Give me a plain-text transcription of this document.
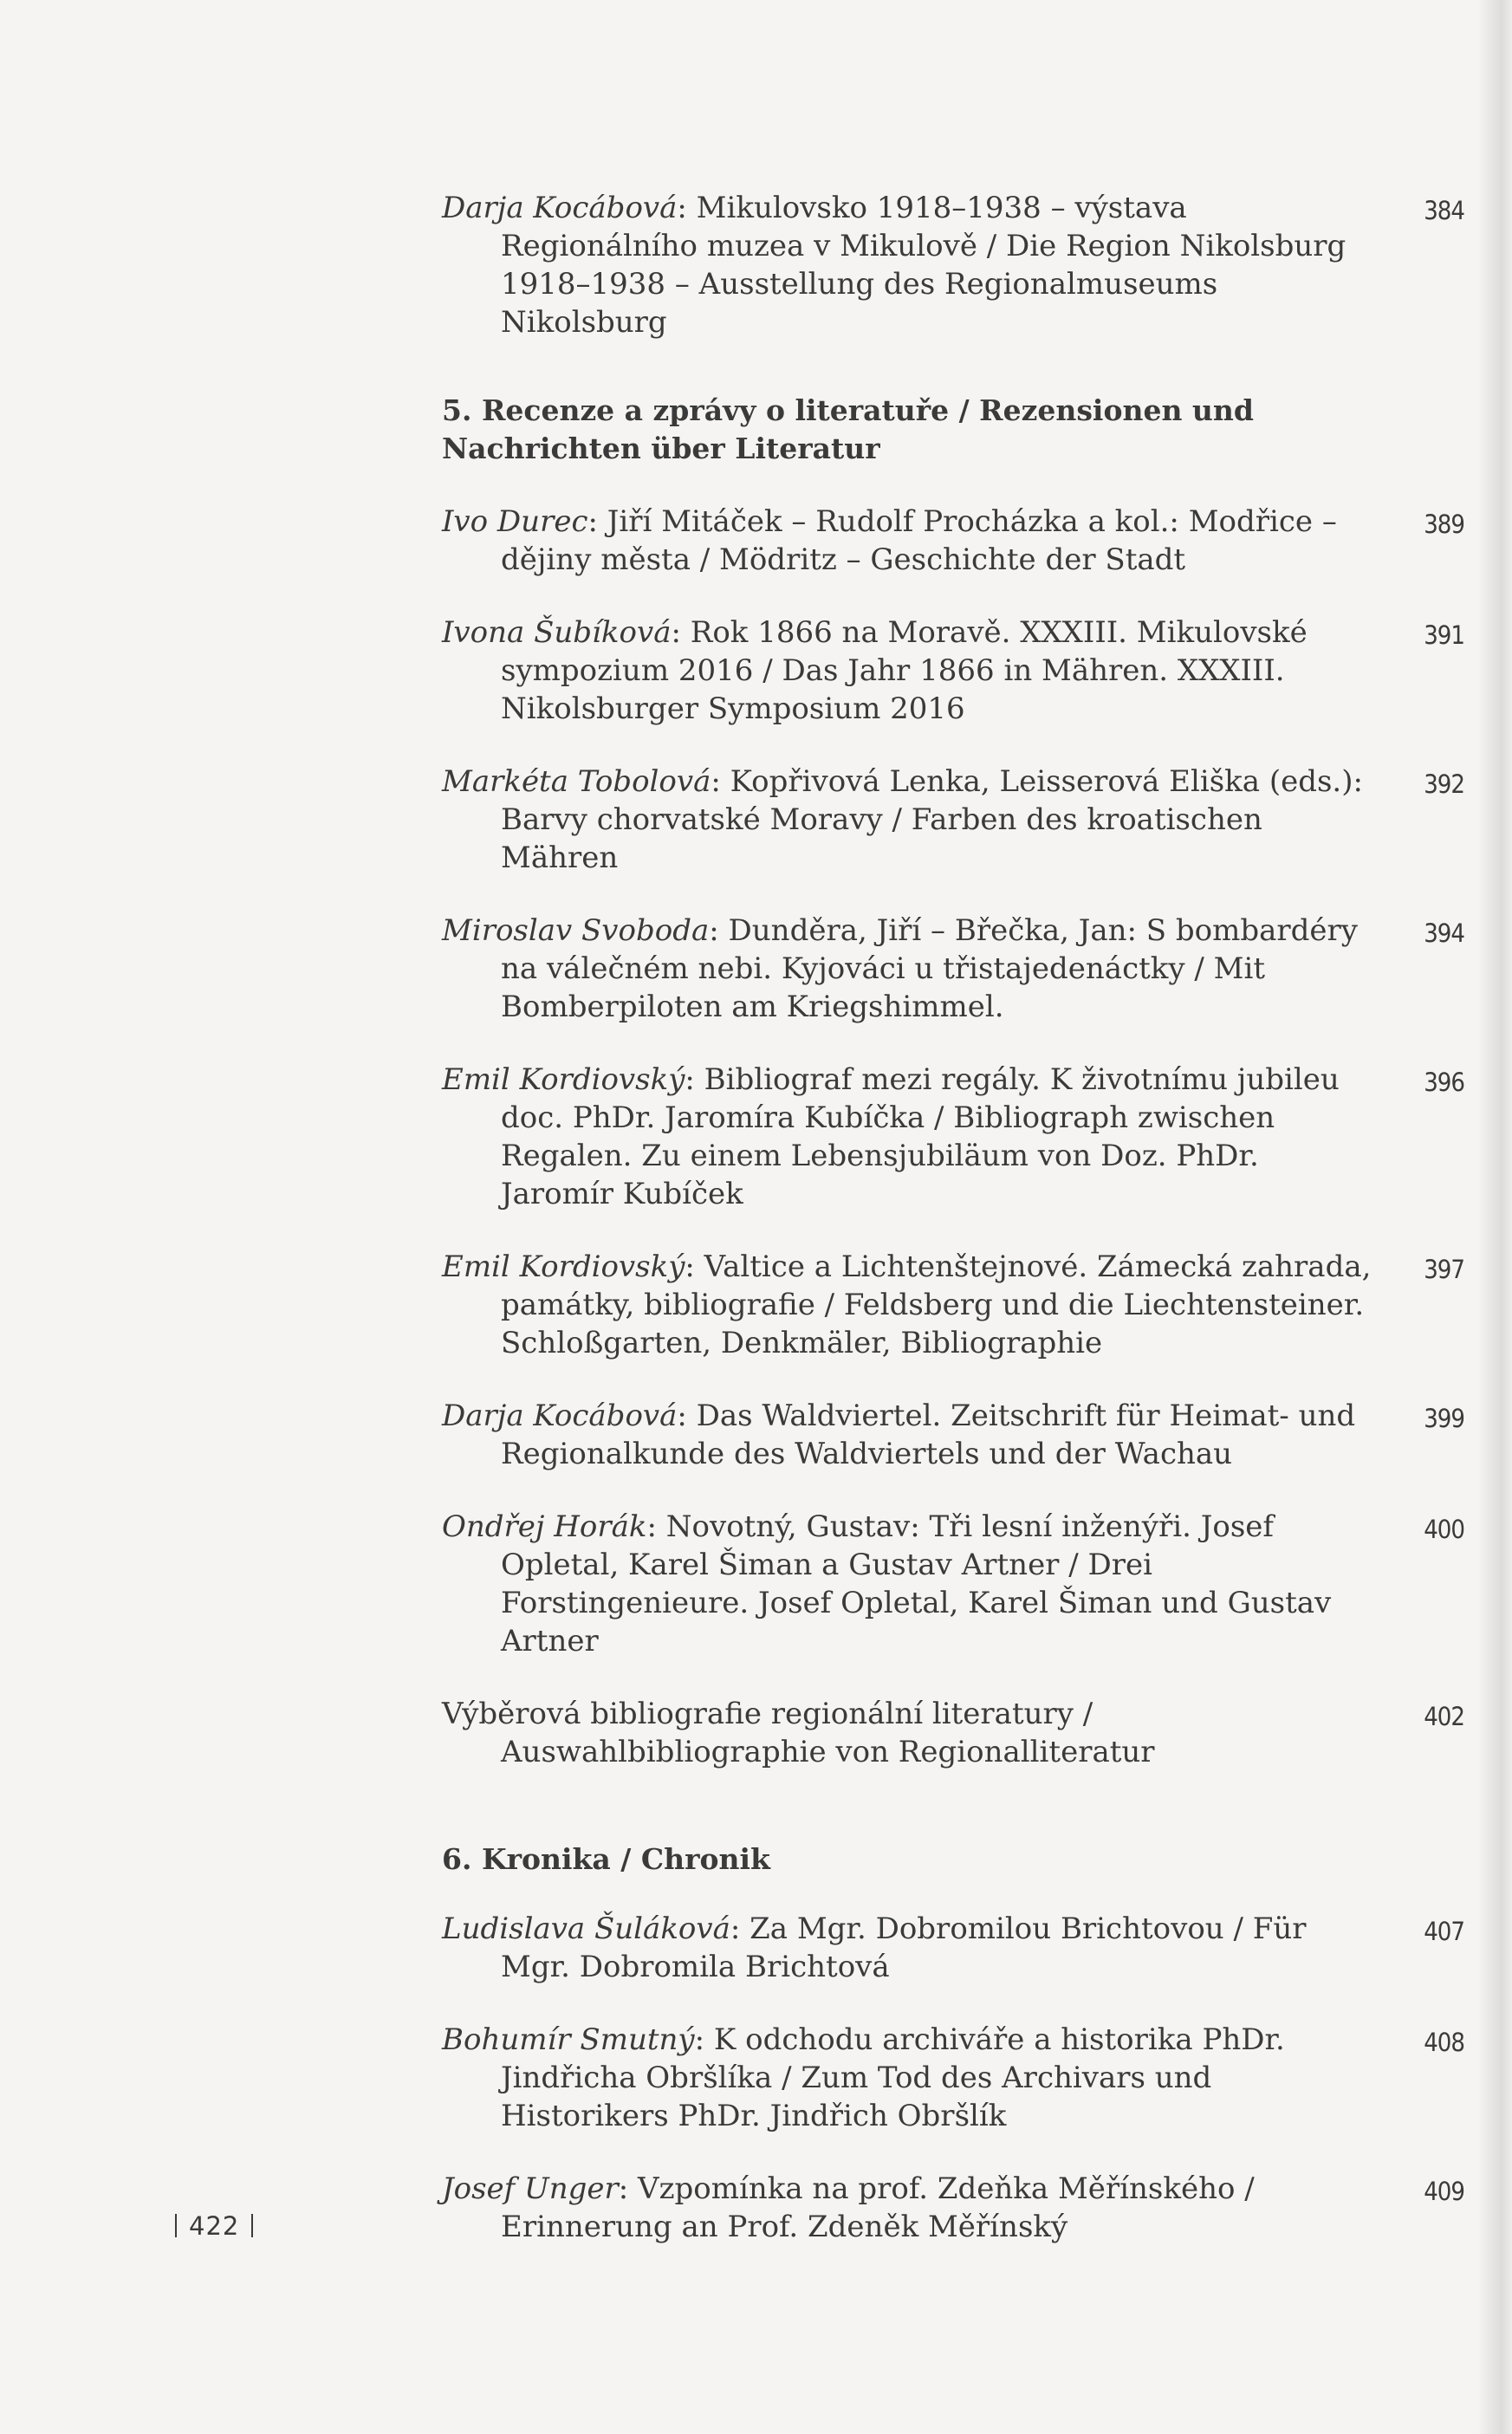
Darja Kocábová: Mikulovsko 1918–1938 – výstava Regionálního muzea v Mikulově / Die Region Nikolsburg 1918–1938 – Ausstellung des Regionalmuseums Nikolsburg
384
5. Recenze a zprávy o literatuře / Rezensionen und Nachrichten über Literatur
Ivo Durec: Jiří Mitáček – Rudolf Procházka a kol.: Modřice – dějiny města / Mödritz – Geschichte der Stadt
389
Ivona Šubíková: Rok 1866 na Moravě. XXXIII. Mikulovské sympozium 2016 / Das Jahr 1866 in Mähren. XXXIII. Nikolsburger Symposium 2016
391
Markéta Tobolová: Kopřivová Lenka, Leisserová Eliška (eds.): Barvy chorvatské Moravy / Farben des kroatischen Mähren
392
Miroslav Svoboda: Dunděra, Jiří – Břečka, Jan: S bombardéry na válečném nebi. Kyjováci u třistajedenáctky / Mit Bomberpiloten am Kriegshimmel.
394
Emil Kordiovský: Bibliograf mezi regály. K životnímu jubileu doc. PhDr. Jaromíra Kubíčka / Bibliograph zwischen Regalen. Zu einem Lebensjubiläum von Doz. PhDr. Jaromír Kubíček
396
Emil Kordiovský: Valtice a Lichtenštejnové. Zámecká zahrada, památky, bibliografie / Feldsberg und die Liechtensteiner. Schloßgarten, Denkmäler, Bibliographie
397
Darja Kocábová: Das Waldviertel. Zeitschrift für Heimat- und Regionalkunde des Waldviertels und der Wachau
399
Ondřej Horák: Novotný, Gustav: Tři lesní inženýři. Josef Opletal, Karel Šiman a Gustav Artner / Drei Forstingenieure. Josef Opletal, Karel Šiman und Gustav Artner
400
Výběrová bibliografie regionální literatury / Auswahlbibliographie von Regionalliteratur
402
6. Kronika / Chronik
Ludislava Šuláková: Za Mgr. Dobromilou Brichtovou / Für Mgr. Dobromila Brichtová
407
Bohumír Smutný: K odchodu archiváře a historika PhDr. Jindřicha Obršlíka / Zum Tod des Archivars und Historikers PhDr. Jindřich Obršlík
408
Josef Unger: Vzpomínka na prof. Zdeňka Měřínského / Erinnerung an Prof. Zdeněk Měřínský
409
422
